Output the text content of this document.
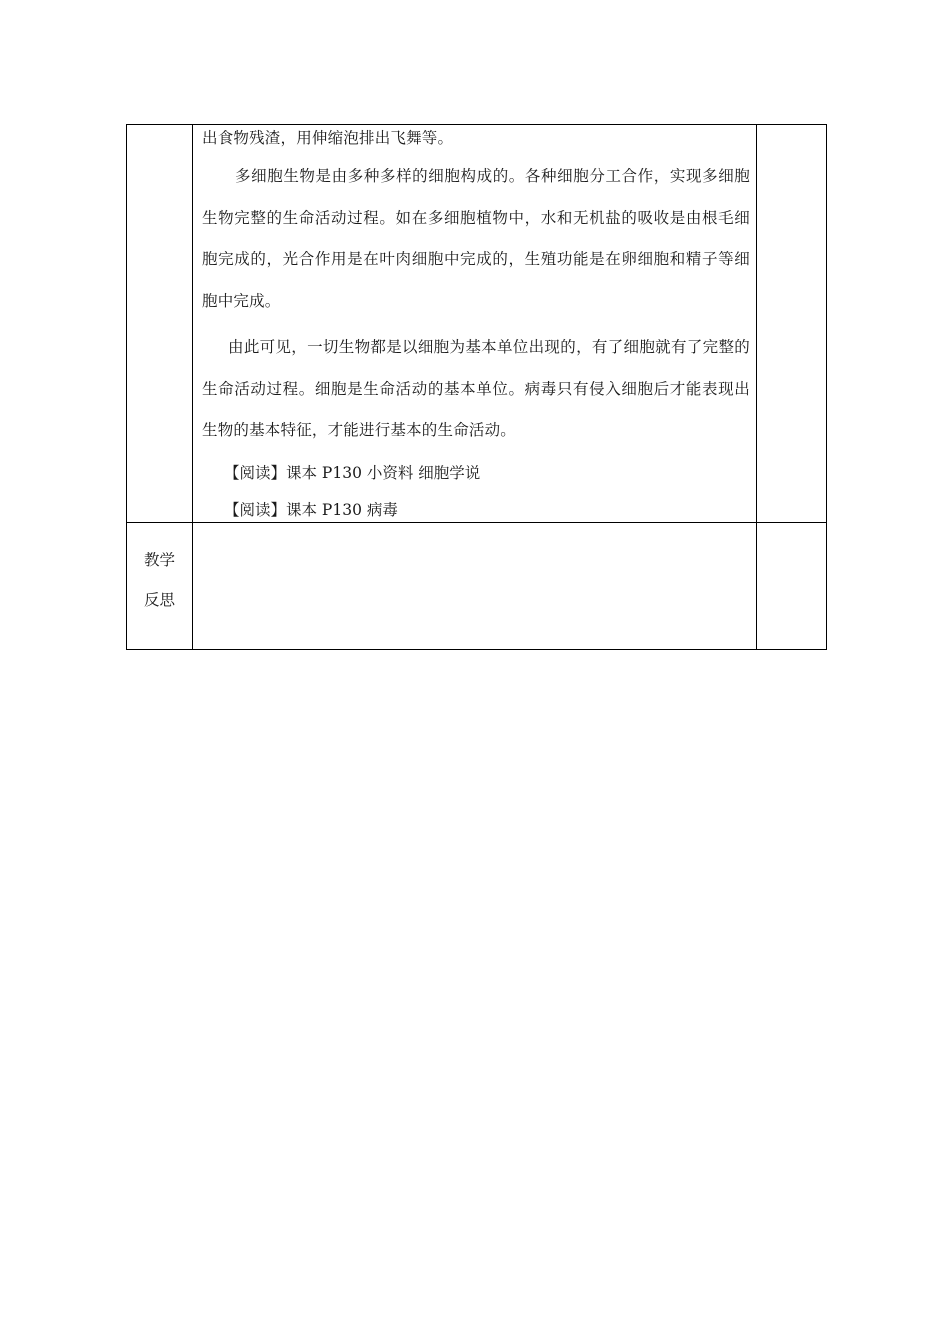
	出食物残渣，用伸缩泡排出飞舞等。

多细胞生物是由多种多样的细胞构成的。各种细胞分工合作，实现多细胞生物完整的生命活动过程。如在多细胞植物中，水和无机盐的吸收是由根毛细胞完成的，光合作用是在叶肉细胞中完成的，生殖功能是在卵细胞和精子等细胞中完成。

由此可见，一切生物都是以细胞为基本单位出现的，有了细胞就有了完整的生命活动过程。细胞是生命活动的基本单位。病毒只有侵入细胞后才能表现出生物的基本特征，才能进行基本的生命活动。

【阅读】课本 P130 小资料 细胞学说

【阅读】课本 P130 病毒	

教学
反思		
